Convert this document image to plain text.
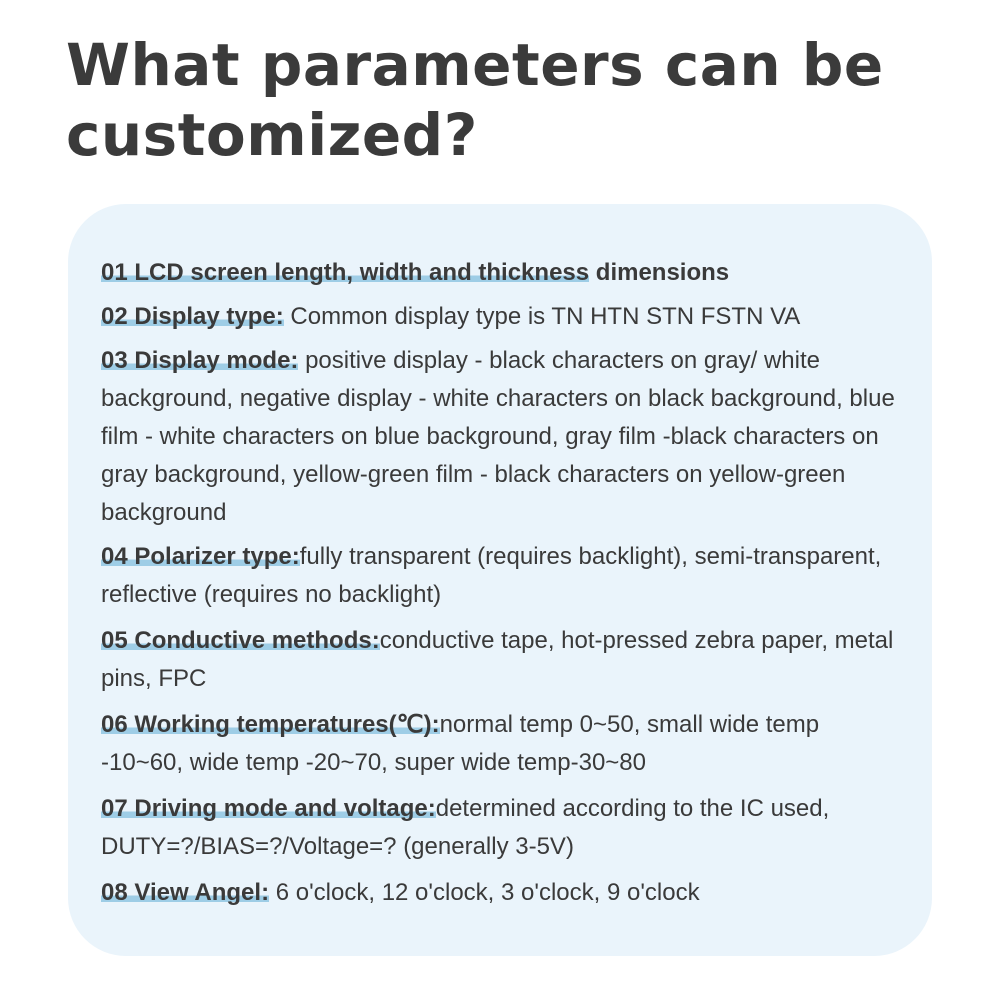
What parameters can be customized?
01 LCD screen length, width and thickness dimensions
02 Display type: Common display type is TN HTN STN FSTN VA
03 Display mode: positive display - black characters on gray/ white background, negative display - white characters on black background, blue film - white characters on blue background, gray film -black characters on gray background, yellow-green film - black characters on yellow-green background
04 Polarizer type:fully transparent (requires backlight), semi-transparent, reflective (requires no backlight)
05 Conductive methods:conductive tape, hot-pressed zebra paper, metal pins, FPC
06 Working temperatures(℃):normal temp 0~50, small wide temp -10~60, wide temp -20~70, super wide temp-30~80
07 Driving mode and voltage:determined according to the IC used, DUTY=?/BIAS=?/Voltage=? (generally 3-5V)
08 View Angel: 6 o'clock, 12 o'clock, 3 o'clock, 9 o'clock
